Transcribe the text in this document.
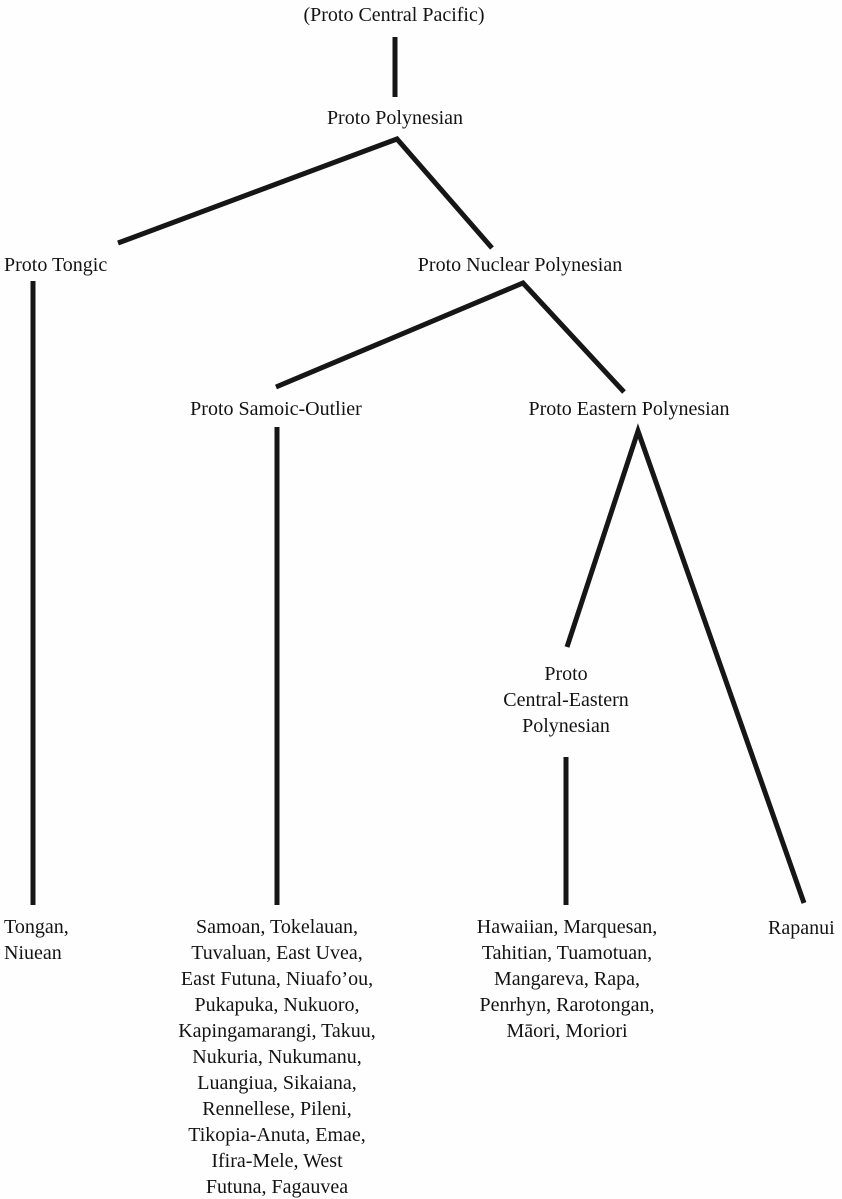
(Proto Central Pacific)
Proto Polynesian
Proto Tongic	Proto Nuclear Polynesian
Proto Samoic-Outlier	Proto Eastern Polynesian
Proto
Central-Eastern
Polynesian
Tongan,
Niuean
Samoan, Tokelauan,
Tuvaluan, East Uvea,
East Futuna, Niuafo’ou,
Pukapuka, Nukuoro,
Kapingamarangi, Takuu,
Nukuria, Nukumanu,
Luangiua, Sikaiana,
Rennellese, Pileni,
Tikopia-Anuta, Emae,
Ifira-Mele, West
Futuna, Fagauvea
Hawaiian, Marquesan,
Tahitian, Tuamotuan,
Mangareva, Rapa,
Penrhyn, Rarotongan,
Māori, Moriori
Rapanui
